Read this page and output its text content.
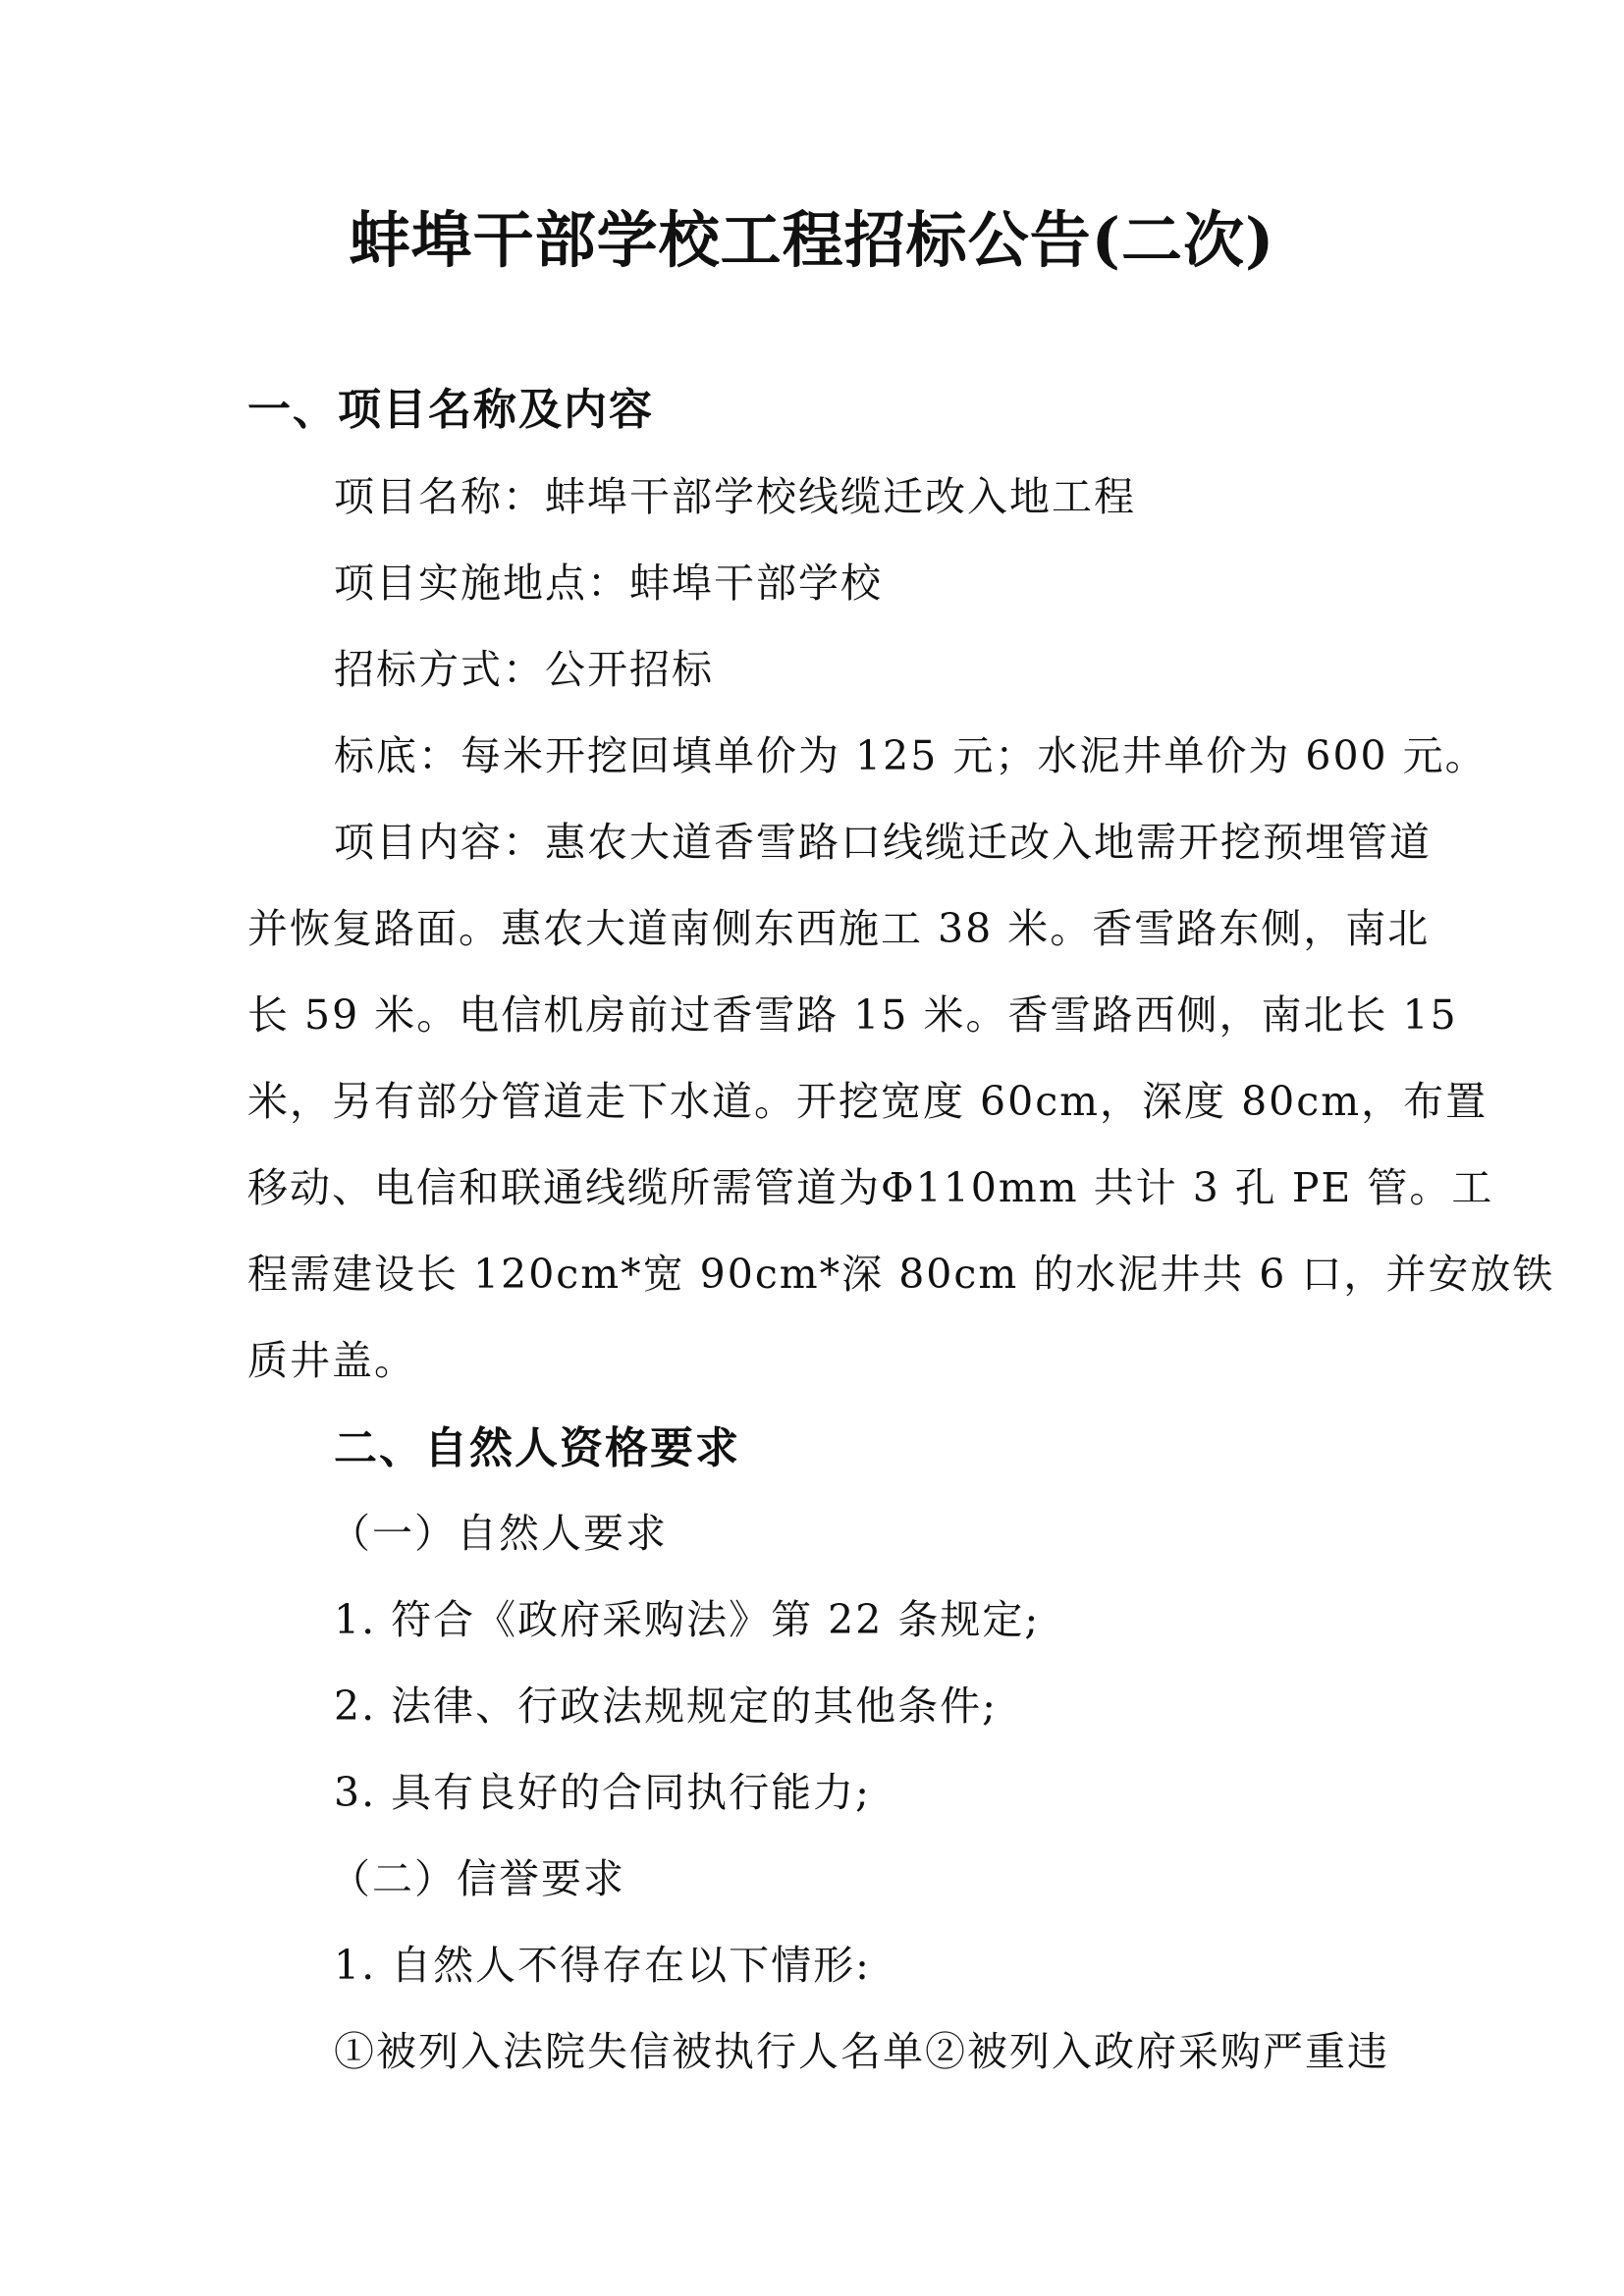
蚌埠干部学校工程招标公告(二次)
一、项目名称及内容
项目名称：蚌埠干部学校线缆迁改入地工程
项目实施地点：蚌埠干部学校
招标方式：公开招标
标底：每米开挖回填单价为 125 元；水泥井单价为 600 元。
项目内容：惠农大道香雪路口线缆迁改入地需开挖预埋管道
并恢复路面。惠农大道南侧东西施工 38 米。香雪路东侧，南北
长 59 米。电信机房前过香雪路 15 米。香雪路西侧，南北长 15
米，另有部分管道走下水道。开挖宽度 60cm，深度 80cm，布置
移动、电信和联通线缆所需管道为Φ110mm 共计 3 孔 PE 管。工
程需建设长 120cm*宽 90cm*深 80cm 的水泥井共 6 口，并安放铁
质井盖。
二、自然人资格要求
（一）自然人要求
1. 符合《政府采购法》第 22 条规定;
2. 法律、行政法规规定的其他条件;
3. 具有良好的合同执行能力;
（二）信誉要求
1. 自然人不得存在以下情形:
①被列入法院失信被执行人名单②被列入政府采购严重违
